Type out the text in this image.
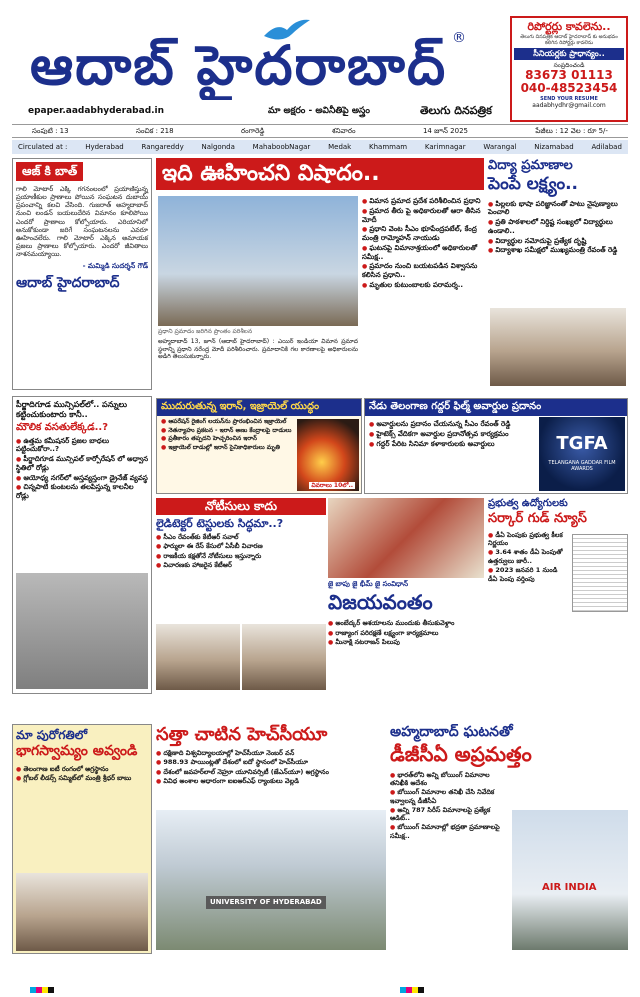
ఆదాబ్ హైదరాబాద్ ®
epaper.aadabhyderabad.in	మా అక్షరం - అవినీతిపై అస్త్రం	తెలుగు దినపత్రిక
రిపోర్టర్లు కావలెను..
తెలుగు దినపత్రిక ఆదాబ్ హైదరాబాద్ కు అనుభవం కలిగిన రిపోర్టర్లు కావలెను
సీనియర్లకు ప్రాధాన్యం..
సంప్రదించండి
83673 01113
040-48523454
SEND YOUR RESUME
aadabhydhr@gmail.com
సంపుటి : 13	సంచిక : 218	రంగారెడ్డి	శనివారం	14 జూన్ 2025	పేజీలు : 12 వెల : రూ 5/-
Circulated at :	Hyderabad	Rangareddy	Nalgonda	MahaboobNagar	Medak	Khammam	Karimnagar	Warangal	Nizamabad	Adilabad
ఆజ్ కి బాత్

గాలి మోటార్ ఎక్కి గగనంలంలో ప్రయాణిస్తున్న ప్రయాణీకుల ప్రాణాలు పోయిన సంఘటన దుబాయ్ ప్రపంచాన్ని కలచి వేసింది. గుజరాత్ అహ్మదాబాద్ నుంచి లండన్ బయలుదేరిన విమానం కూలిపోయి ఎందరో ప్రాణాలు కోల్పోయారు. ఎరియానిలో అనుకోకుండా జరిగే సంఘటనలను ఎవరూ ఊహించలేరు. గాలి మోటార్ ఎక్కిన అమాయక ప్రజలు ప్రాణాలు కోల్పోయారు. ఎందరో జీవితాలు నాశనమయ్యాయి.

- మమ్మిడి సుదర్శన్ గౌడ్
ఆదాబ్ హైదరాబాద్
ఇది ఊహించని విషాదం..
ప్రధాని ప్రమాదం జరిగిన ప్రాంతం పరిశీలన

అహ్మదాబాద్ 13, జూన్ (ఆదాబ్ హైదరాబాద్) : ఎయిర్ ఇండియా విమాన ప్రమాద స్థలాన్ని ప్రధాని నరేంద్ర మోదీ పరిశీలించారు. ప్రమాదానికి గల కారణాలపై అధికారులను అడిగి తెలుసుకున్నారు.

● విమాన ప్రమాద ప్రదేశ పరిశీలించిన ప్రధాని
● ప్రమాద తీరు పై అధికారులతో ఆరా తీసిన మోదీ
● ప్రధాని వెంట సీఎం భూపేంద్రపటేల్, కేంద్ర మంత్రి రామ్మోహన్ నాయుడు
● ఘటనపై విమానాశ్రయంలో అధికారులతో సమీక్ష..
● ప్రమాదం నుంచి బయటపడిన విశ్వాసను కలిసిన ప్రధాని..
● మృతుల కుటుంబాలకు పరామర్శ..
విద్యా ప్రమాణాల
పెంపే లక్ష్యం..
● పిల్లలకు భాషా పరిజ్ఞానంతో పాటు నైపుణ్యాలు పెంచాలి
● ప్రతి పాఠశాలలో నిర్దిష్ట సంఖ్యలో విద్యార్థులు ఉండాలి..
● విద్యార్థుల నమోదుపై ప్రత్యేక దృష్టి
● విద్యాశాఖ సమీక్షలో ముఖ్యమంత్రి రేవంత్ రెడ్డి
పీర్జాదిగూడ మున్సిపల్‌లో.. పన్నులు కట్టించుకుంటారు కానీ..
మౌలిక వసతులేక్కడ..?
● ఉత్తమ కమీషనర్ ప్రజల బాధలు పట్టించుకోరా..?
● పీర్జాదిగూడ మున్సిపల్ కార్పోరేషన్ లో అధ్వాన స్థితిలో రోడ్లు
● ఆయోధ్య నగర్‌లో అస్తవ్యస్తంగా డ్రైనేజ్ వ్యవస్థ
● చిన్నపాటి కుంటలను తలపిస్తున్న కాలనీల రోడ్లు
ముదురుతున్న ఇరాన్, ఇజ్రాయెల్ యుద్ధం
● ఆపరేషన్ రైజింగ్ లయన్‌ను ప్రారంభించిన ఇజ్రాయెల్
● నెతన్యాహు ప్రకటన - ఇరాన్ అణు కేంద్రాలపై దాడులు
● ప్రతీకారం తప్పదని హెచ్చరించిన ఇరాన్
● ఇజ్రాయెల్ దాడుల్లో ఇరాన్ సైనికాధికారులు మృతి
వివరాలు 10లో..
నేడు తెలంగాణ గద్దర్ ఫిల్మ్ అవార్డుల ప్రదానం
● అవార్డులను ప్రదానం చేయనున్న సీఎం రేవంత్ రెడ్డి
● హైటెక్స్ వేదికగా అవార్డుల ప్రదానోత్సవ కార్యక్రమం
● గద్దర్ పేరిట సినిమా కళాకారులకు అవార్డులు	TGFA
TELANGANA GADDAR FILM AWARDS
నోటీసులు కాదు
లైడిటెక్టర్ టెస్టులకు సిద్ధమా..?
● సీఎం రేవంత్‌కు కేటీఆర్ సవాల్
● ఫార్ములా ఈ రేస్ కేసులో ఏసీబీ విచారణ
● రాజకీయ కక్షతోనే నోటీసులు ఇస్తున్నారు
● విచారణకు హాజరైన కేటీఆర్
జై బాపు జై భీమ్ జై సంవిధాన్
విజయవంతం
● అంబేద్కర్ ఆశయాలను ముందుకు తీసుకువెళ్దాం
● రాజ్యాంగ పరిరక్షణే లక్ష్యంగా కార్యక్రమాలు
● మీనాక్షి నటరాజన్ పిలుపు
ప్రభుత్వ ఉద్యోగులకు
సర్కార్ గుడ్ న్యూస్
● డీఏ పెంపుకు ప్రభుత్వ కీలక నిర్ణయం
● 3.64 శాతం డీఏ పెంపుతో ఉత్తర్వులు జారీ..
● 2023 జనవరి 1 నుండి డీఏ పెంపు వర్తింపు
మా పురోగతిలో
భాగస్వామ్యం అవ్వండి
● తెలంగాణ ఐటీ రంగంలో అగ్రస్థానం
● గ్లోబల్ లీడర్స్ సమ్మిట్‌లో మంత్రి శ్రీధర్ బాబు
సత్తా చాటిన హెచ్‌సీయూ
● దక్షిణాది విశ్వవిద్యాలయాల్లో హెచ్‌సీయూ నెంబర్ వన్
● 988.93 పాయింట్లతో దేశంలో ఐదో స్థానంలో హెచ్‌సీయూ
● దేశంలో జవహర్‌లాల్ నెహ్రూ యూనివర్సిటీ (జేఎన్‌యూ) అగ్రస్థానం
● వివిధ అంశాల ఆధారంగా ఐఐఆర్ఎఫ్ ర్యాంకులు వెల్లడి
UNIVERSITY OF HYDERABAD
అహ్మదాబాద్ ఘటనతో
డీజీసీఏ అప్రమత్తం
● భారత్‌లోని అన్ని బోయింగ్ విమానాల తనిఖీకి ఆదేశం
● బోయింగ్ విమానాల తనిఖీ చేసి నివేదిక ఇవ్వాలన్న డీజీసీఏ
● అన్ని 787 సిరీస్ విమానాలపై ప్రత్యేక ఆడిట్..
● బోయింగ్ విమానాల్లో భద్రతా ప్రమాణాలపై సమీక్ష..
AIR INDIA
